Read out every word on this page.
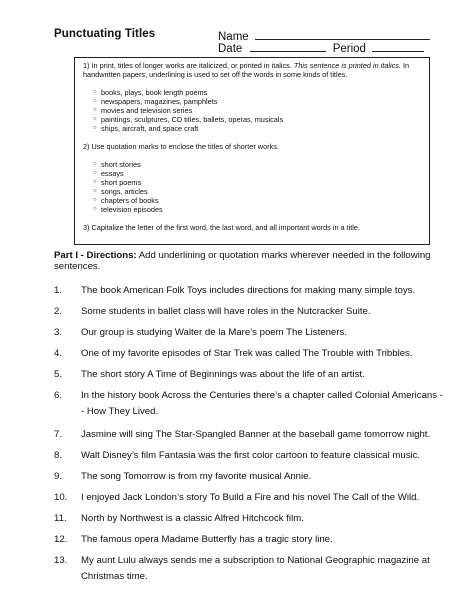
Punctuating Titles	Name
Date	Period

1) In print, titles of longer works are italicized, or printed in italics. This sentence is printed in italics. In handwritten papers, underlining is used to set off the words in some kinds of titles.

○ books, plays, book length poems
○ newspapers, magazines, pamphlets
○ movies and television series
○ paintings, sculptures, CD titles, ballets, operas, musicals
○ ships, aircraft, and space craft

2) Use quotation marks to enclose the titles of shorter works.

○ short stories
○ essays
○ short poems
○ songs, articles
○ chapters of books
○ television episodes

3) Capitalize the letter of the first word, the last word, and all important words in a title.

Part I - Directions: Add underlining or quotation marks wherever needed in the following sentences.
1.	The book American Folk Toys includes directions for making many simple toys.
2.	Some students in ballet class will have roles in the Nutcracker Suite.
3.	Our group is studying Walter de la Mare’s poem The Listeners.
4.	One of my favorite episodes of Star Trek was called The Trouble with Tribbles.
5.	The short story A Time of Beginnings was about the life of an artist.
6.	In the history book Across the Centuries there’s a chapter called Colonial Americans - - How They Lived.
7.	Jasmine will sing The Star-Spangled Banner at the baseball game tomorrow night.
8.	Walt Disney’s film Fantasia was the first color cartoon to feature classical music.
9.	The song Tomorrow is from my favorite musical Annie.
10.	I enjoyed Jack London’s story To Build a Fire and his novel The Call of the Wild.
11.	North by Northwest is a classic Alfred Hitchcock film.
12.	The famous opera Madame Butterfly has a tragic story line.
13.	My aunt Lulu always sends me a subscription to National Geographic magazine at Christmas time.
